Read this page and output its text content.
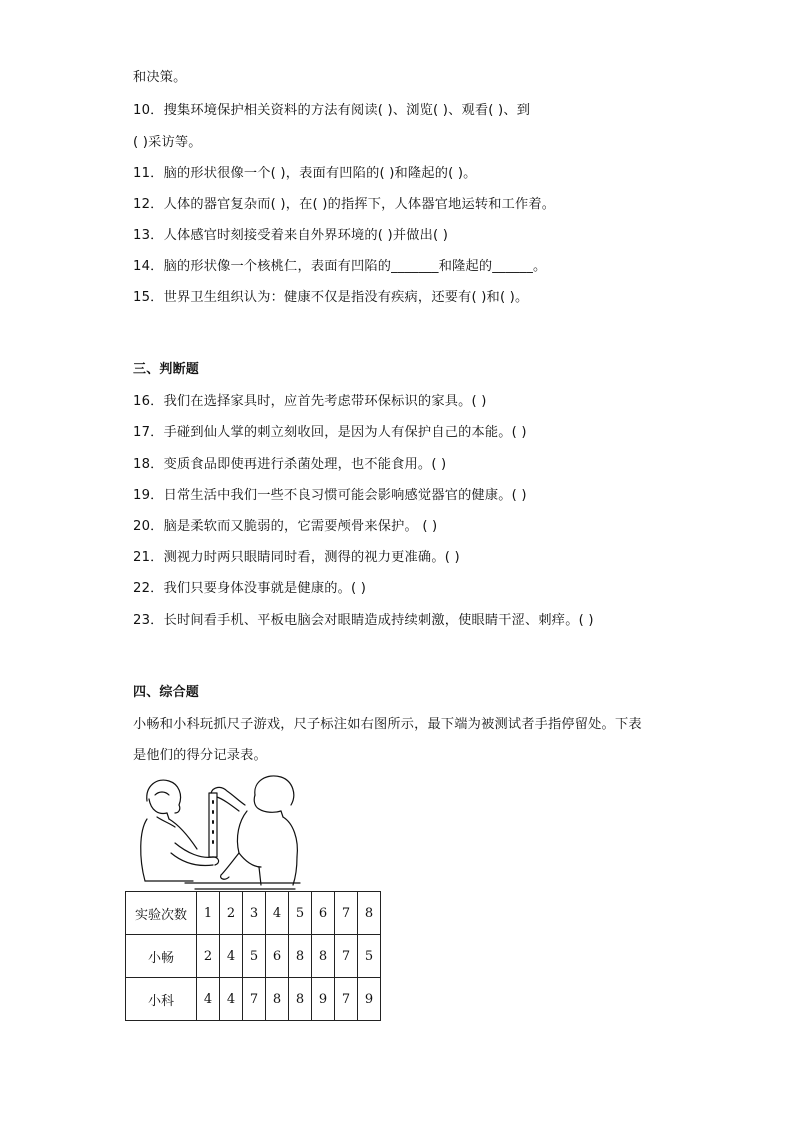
和决策。
10．搜集环境保护相关资料的方法有阅读( )、浏览( )、观看( )、到
( )采访等。
11．脑的形状很像一个( )，表面有凹陷的( )和隆起的( )。
12．人体的器官复杂而( )，在( )的指挥下，人体器官地运转和工作着。
13．人体感官时刻接受着来自外界环境的( )并做出( )
14．脑的形状像一个核桃仁，表面有凹陷的_______和隆起的______。
15．世界卫生组织认为：健康不仅是指没有疾病，还要有( )和( )。
三、判断题
16．我们在选择家具时，应首先考虑带环保标识的家具。( )
17．手碰到仙人掌的刺立刻收回，是因为人有保护自己的本能。( )
18．变质食品即使再进行杀菌处理，也不能食用。( )
19．日常生活中我们一些不良习惯可能会影响感觉器官的健康。( )
20．脑是柔软而又脆弱的，它需要颅骨来保护。 ( )
21．测视力时两只眼睛同时看，测得的视力更准确。( )
22．我们只要身体没事就是健康的。( )
23．长时间看手机、平板电脑会对眼睛造成持续刺激，使眼睛干涩、刺痒。( )
四、综合题
小畅和小科玩抓尺子游戏，尺子标注如右图所示，最下端为被测试者手指停留处。下表
是他们的得分记录表。
实验次数	1	2	3	4	5	6	7	8
小畅	2	4	5	6	8	8	7	5
小科	4	4	7	8	8	9	7	9
